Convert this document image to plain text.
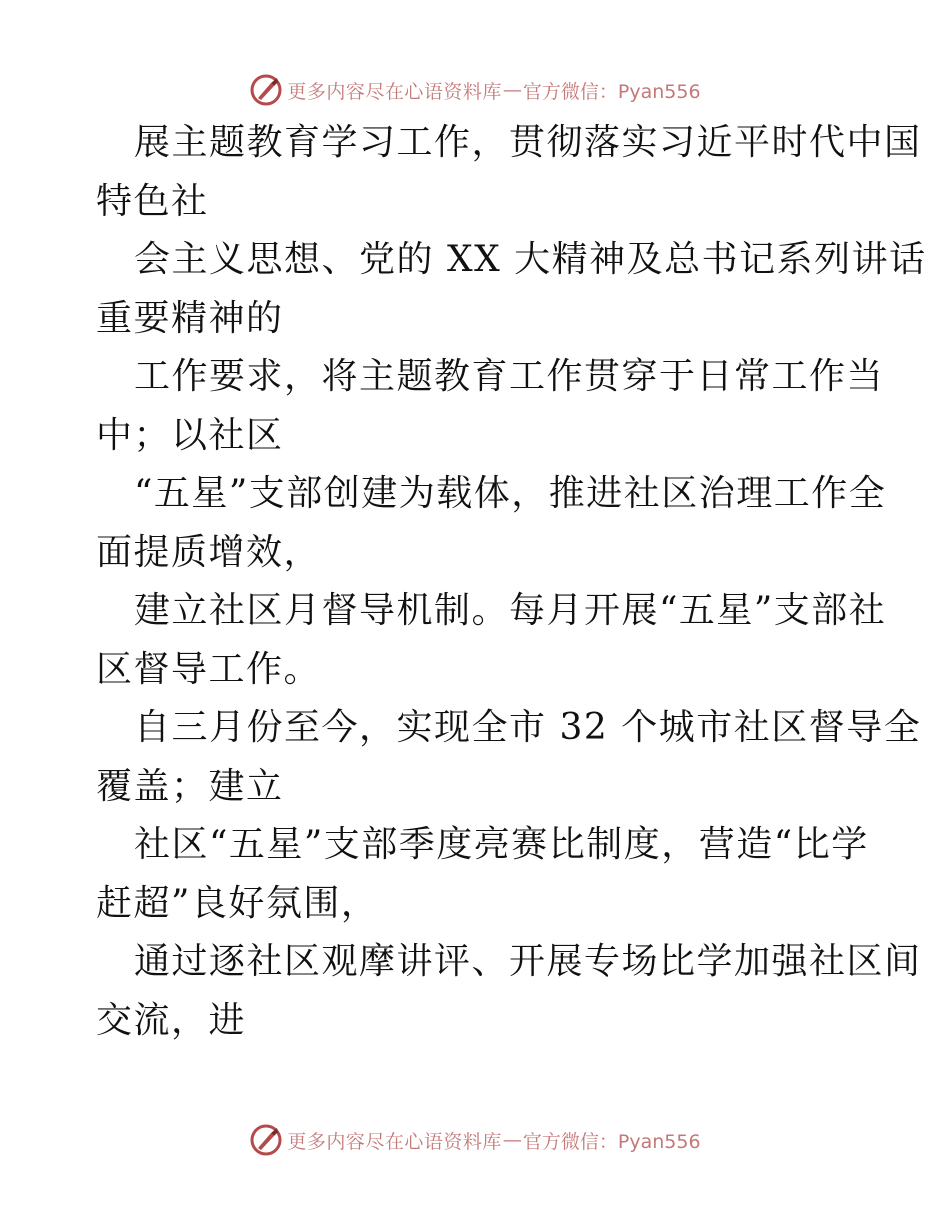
更多内容尽在心语资料库 — 官方微信：Pyan556
展主题教育学习工作，贯彻落实习近平时代中国
特色社
会主义思想、党的 XX 大精神及总书记系列讲话
重要精神的
工作要求，将主题教育工作贯穿于日常工作当
中；以社区
“五星”支部创建为载体，推进社区治理工作全
面提质增效，
建立社区月督导机制。每月开展“五星”支部社
区督导工作。
自三月份至今，实现全市 32 个城市社区督导全
覆盖；建立
社区“五星”支部季度亮赛比制度，营造“比学
赶超”良好氛围，
通过逐社区观摩讲评、开展专场比学加强社区间
交流，进
更多内容尽在心语资料库 — 官方微信：Pyan556
